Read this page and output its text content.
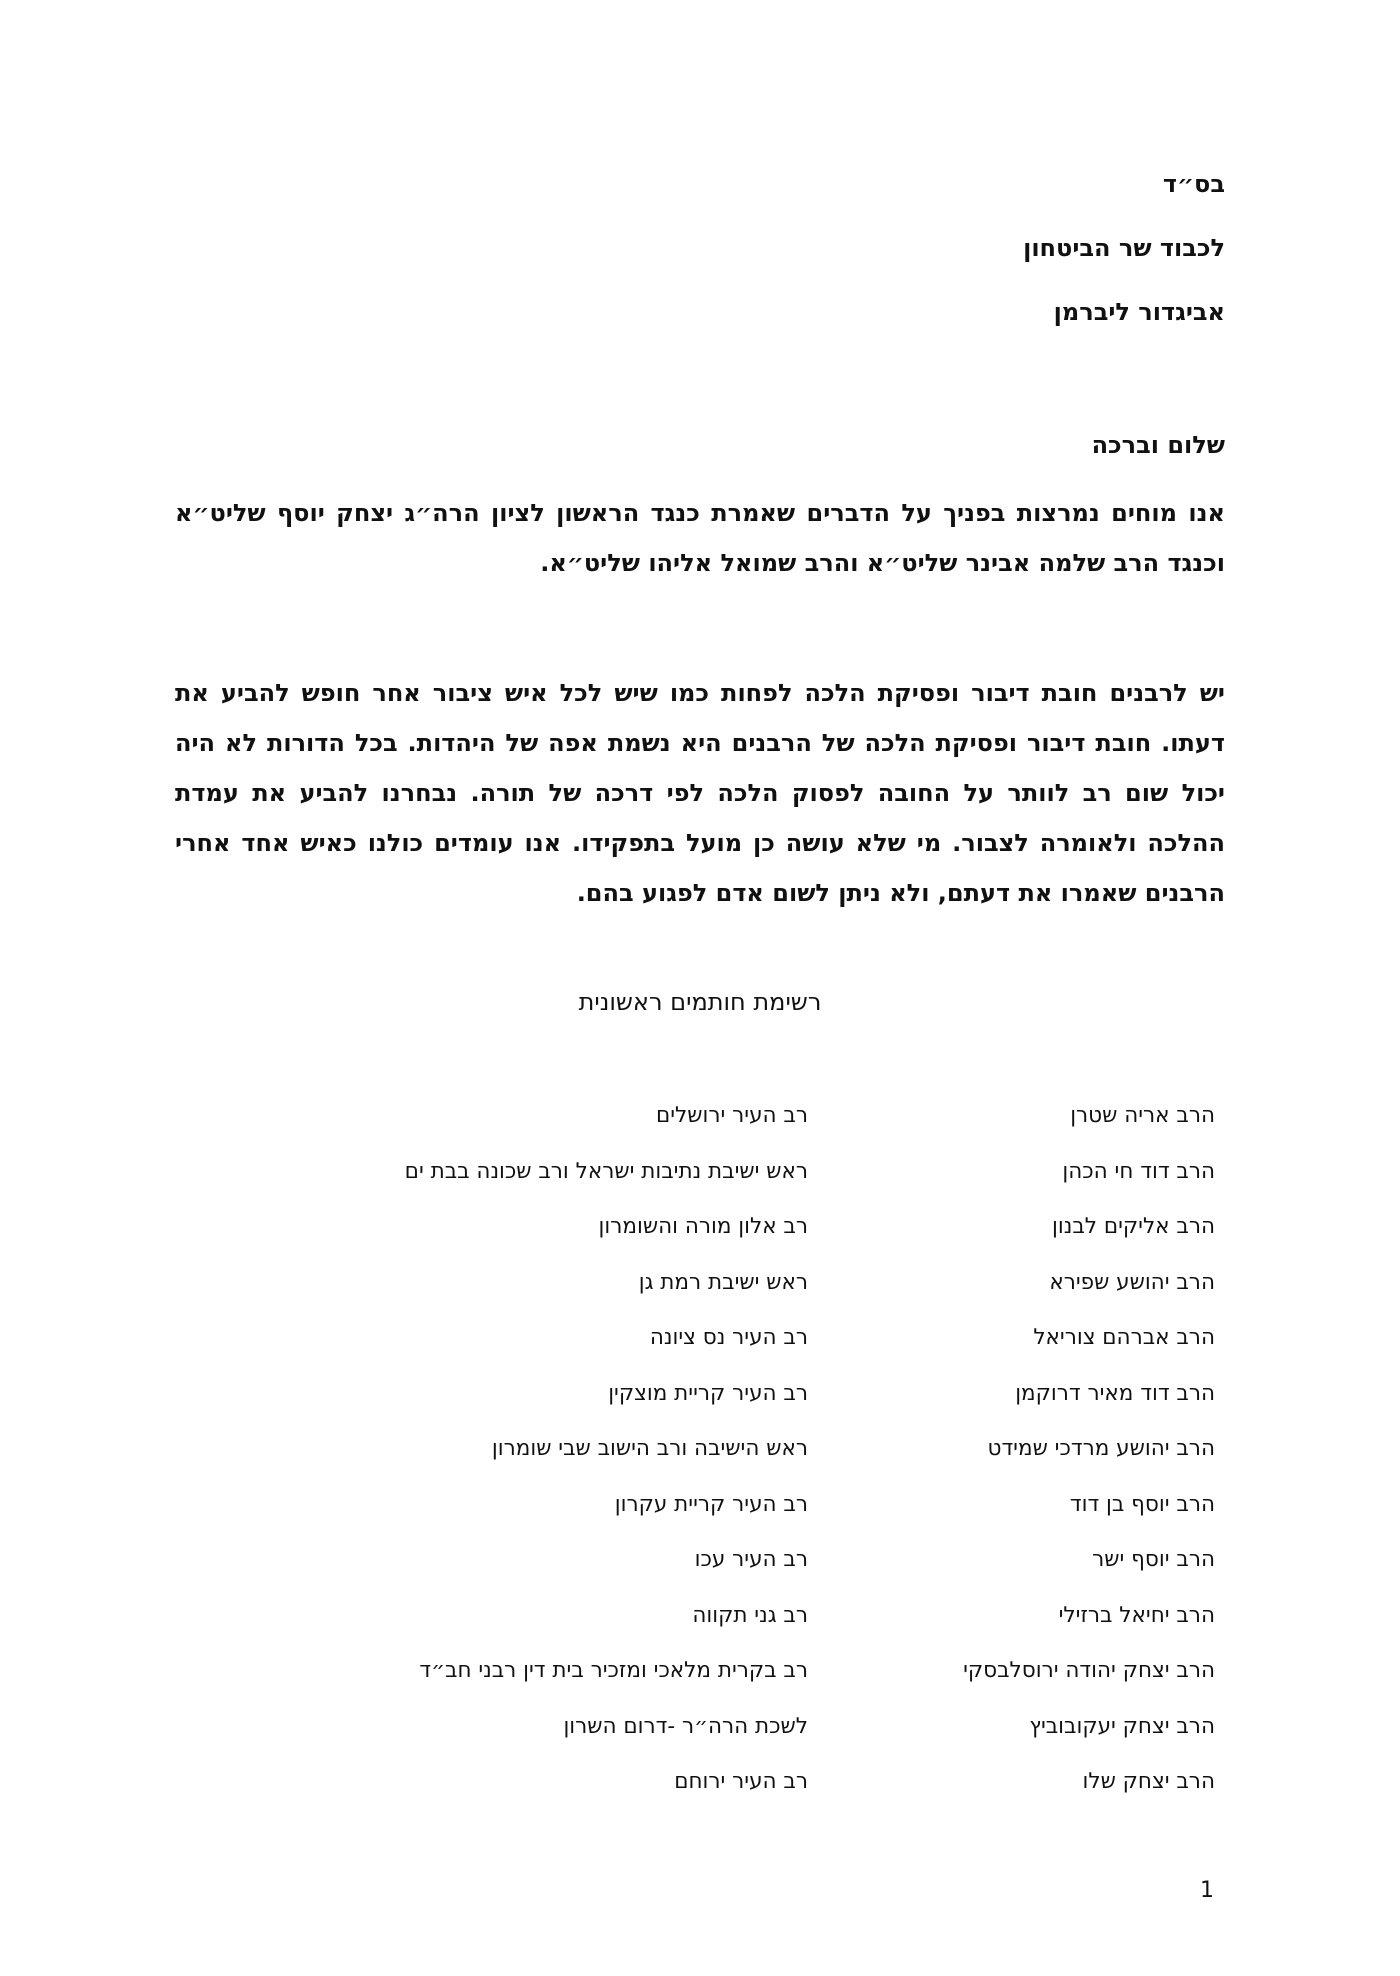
בס״ד
לכבוד שר הביטחון
אביגדור ליברמן
שלום וברכה
אנו מוחים נמרצות בפניך על הדברים שאמרת כנגד הראשון לציון הרה״ג יצחק יוסף שליט״א וכנגד הרב שלמה אבינר שליט״א והרב שמואל אליהו שליט״א.
יש לרבנים חובת דיבור ופסיקת הלכה לפחות כמו שיש לכל איש ציבור אחר חופש להביע את דעתו. חובת דיבור ופסיקת הלכה של הרבנים היא נשמת אפה של היהדות. בכל הדורות לא היה יכול שום רב לוותר על החובה לפסוק הלכה לפי דרכה של תורה. נבחרנו להביע את עמדת ההלכה ולאומרה לצבור. מי שלא עושה כן מועל בתפקידו. אנו עומדים כולנו כאיש אחד אחרי הרבנים שאמרו את דעתם, ולא ניתן לשום אדם לפגוע בהם.
רשימת חותמים ראשונית
הרב אריה שטרן
רב העיר ירושלים
הרב דוד חי הכהן
ראש ישיבת נתיבות ישראל ורב שכונה בבת ים
הרב אליקים לבנון
רב אלון מורה והשומרון
הרב יהושע שפירא
ראש ישיבת רמת גן
הרב אברהם צוריאל
רב העיר נס ציונה
הרב דוד מאיר דרוקמן
רב העיר קריית מוצקין
הרב יהושע מרדכי שמידט
ראש הישיבה ורב הישוב שבי שומרון
הרב יוסף בן דוד
רב העיר קריית עקרון
הרב יוסף ישר
רב העיר עכו
הרב יחיאל ברזילי
רב גני תקווה
הרב יצחק יהודה ירוסלבסקי
רב בקרית מלאכי ומזכיר בית דין רבני חב״ד
הרב יצחק יעקובוביץ
לשכת הרה״ר -דרום השרון
הרב יצחק שלו
רב העיר ירוחם
1
